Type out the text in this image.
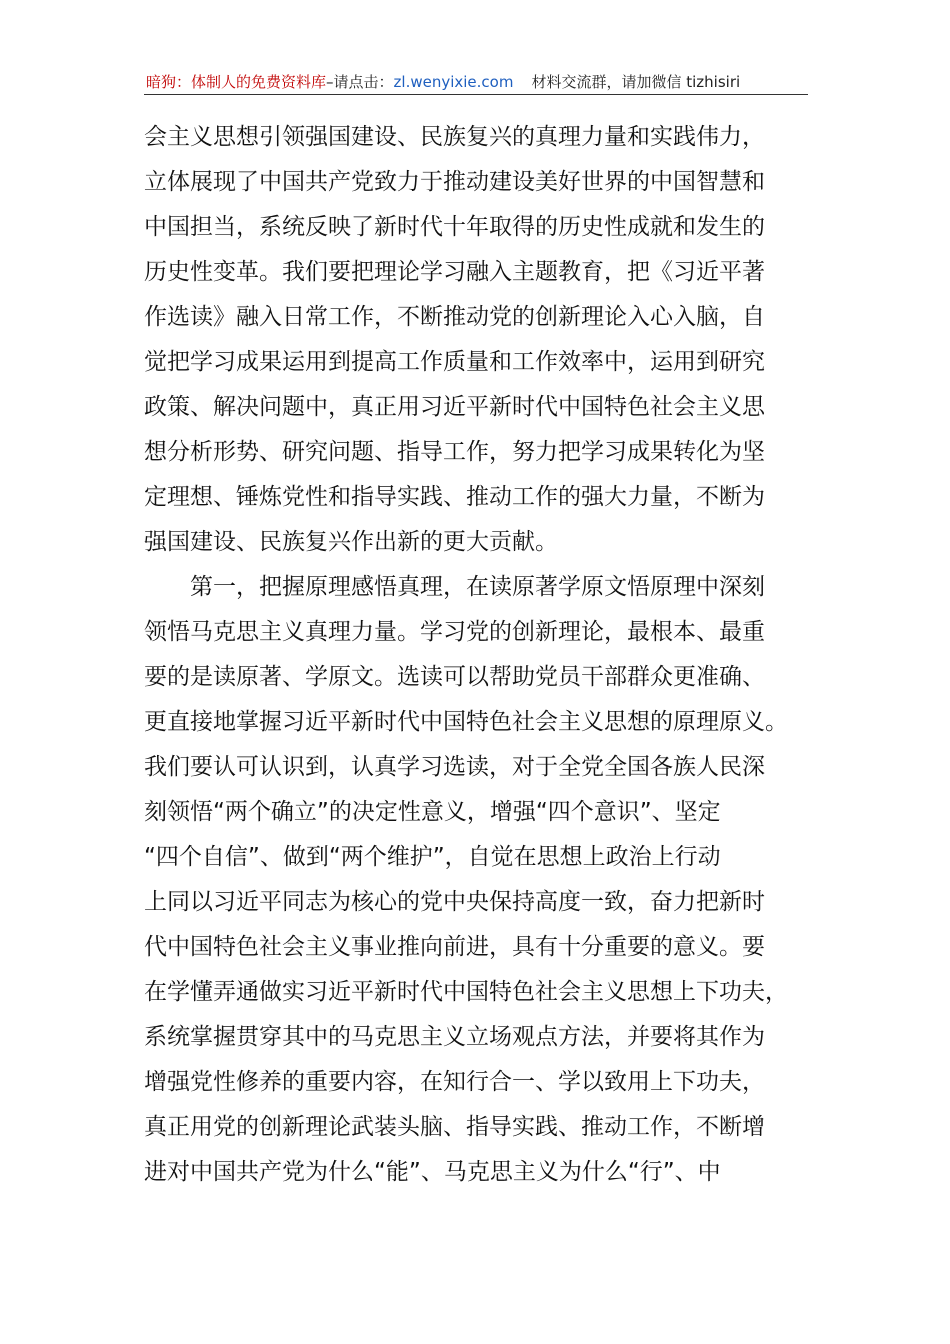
暗狗：体制人的免费资料库–请点击：zl.wenyixie.com 材料交流群，请加微信 tizhisiri
会主义思想引领强国建设、民族复兴的真理力量和实践伟力，
立体展现了中国共产党致力于推动建设美好世界的中国智慧和
中国担当，系统反映了新时代十年取得的历史性成就和发生的
历史性变革。我们要把理论学习融入主题教育，把《习近平著
作选读》融入日常工作，不断推动党的创新理论入心入脑，自
觉把学习成果运用到提高工作质量和工作效率中，运用到研究
政策、解决问题中，真正用习近平新时代中国特色社会主义思
想分析形势、研究问题、指导工作，努力把学习成果转化为坚
定理想、锤炼党性和指导实践、推动工作的强大力量，不断为
强国建设、民族复兴作出新的更大贡献。
第一，把握原理感悟真理，在读原著学原文悟原理中深刻
领悟马克思主义真理力量。学习党的创新理论，最根本、最重
要的是读原著、学原文。选读可以帮助党员干部群众更准确、
更直接地掌握习近平新时代中国特色社会主义思想的原理原义。
我们要认可认识到，认真学习选读，对于全党全国各族人民深
刻领悟“两个确立”的决定性意义，增强“四个意识”、坚定
“四个自信”、做到“两个维护”，自觉在思想上政治上行动
上同以习近平同志为核心的党中央保持高度一致，奋力把新时
代中国特色社会主义事业推向前进，具有十分重要的意义。要
在学懂弄通做实习近平新时代中国特色社会主义思想上下功夫，
系统掌握贯穿其中的马克思主义立场观点方法，并要将其作为
增强党性修养的重要内容，在知行合一、学以致用上下功夫，
真正用党的创新理论武装头脑、指导实践、推动工作，不断增
进对中国共产党为什么“能”、马克思主义为什么“行”、中
